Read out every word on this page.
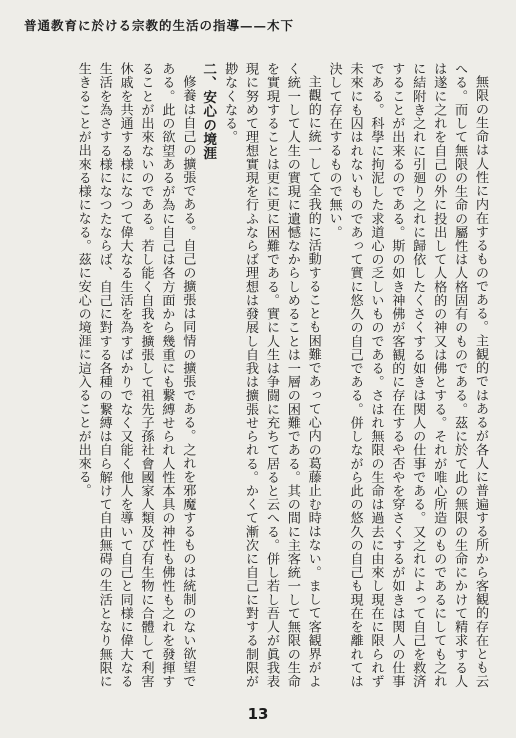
普通教育に於ける宗教的生活の指導——木下

無限の生命は人性に内在するものである。主観的ではあるが各人に普遍する所から客観的存在とも云へる。而して無限の生命の屬性は人格固有のものである。茲に於て此の無限の生命にかけて精求する人は遂に之れを自己の外に投出して人格的の神又は佛とする。それが唯心所造のものであるにしても之れに結附き之れに引廻り之れに歸依したくさくする如きは関人の仕事である。又之れによって自己を救済することが出来るのである。斯の如き神佛が客観的に存在するや否やを穿さくするが如きは関人の仕事である。科學に拘泥した求道心の乏しいものである。さはれ無限の生命は過去に由來し現在に限られず未來にも囚はれないものであって實に悠久の自己である。併しながら此の悠久の自己も現在を離れては決して存在するもので無い。

主觀的に統一して全我的に活動することも困難であって心内の葛藤止む時はない。まして客観界がよく統一して人生の實現に遺憾なからしめることは一層の困難である。其の間に主客統一して無限の生命を實現することは更に更に困難である。實に人生は争闘に充ちて居ると云へる。併し若し吾人が眞我表現に努めて理想實現を行ふならば理想は發展し自我は擴張せられる。かくて漸次に自己に對する制限が尠なくなる。

二、安心の境涯

修養は自己の擴張である。自己の擴張は同情の擴張である。之れを邪魔するものは統制のない欲望である。此の欲望あるが為に自己は各方面から幾重にも繋縛せられ人性本具の神性も佛性も之れを發揮することが出來ないのである。若し能く自我を擴張して祖先子孫社會國家人類及び有生物に合體して利害休戚を共通する様になつて偉大なる生活を為すばかりでなく又能く他人を導いて自己と同様に偉大なる生活を為さする様になつたならば、自己に對する各種の繋縛は自ら解けて自由無碍の生活となり無限に生きることが出來る様になる。茲に安心の境涯に這入ることが出來る。

13
